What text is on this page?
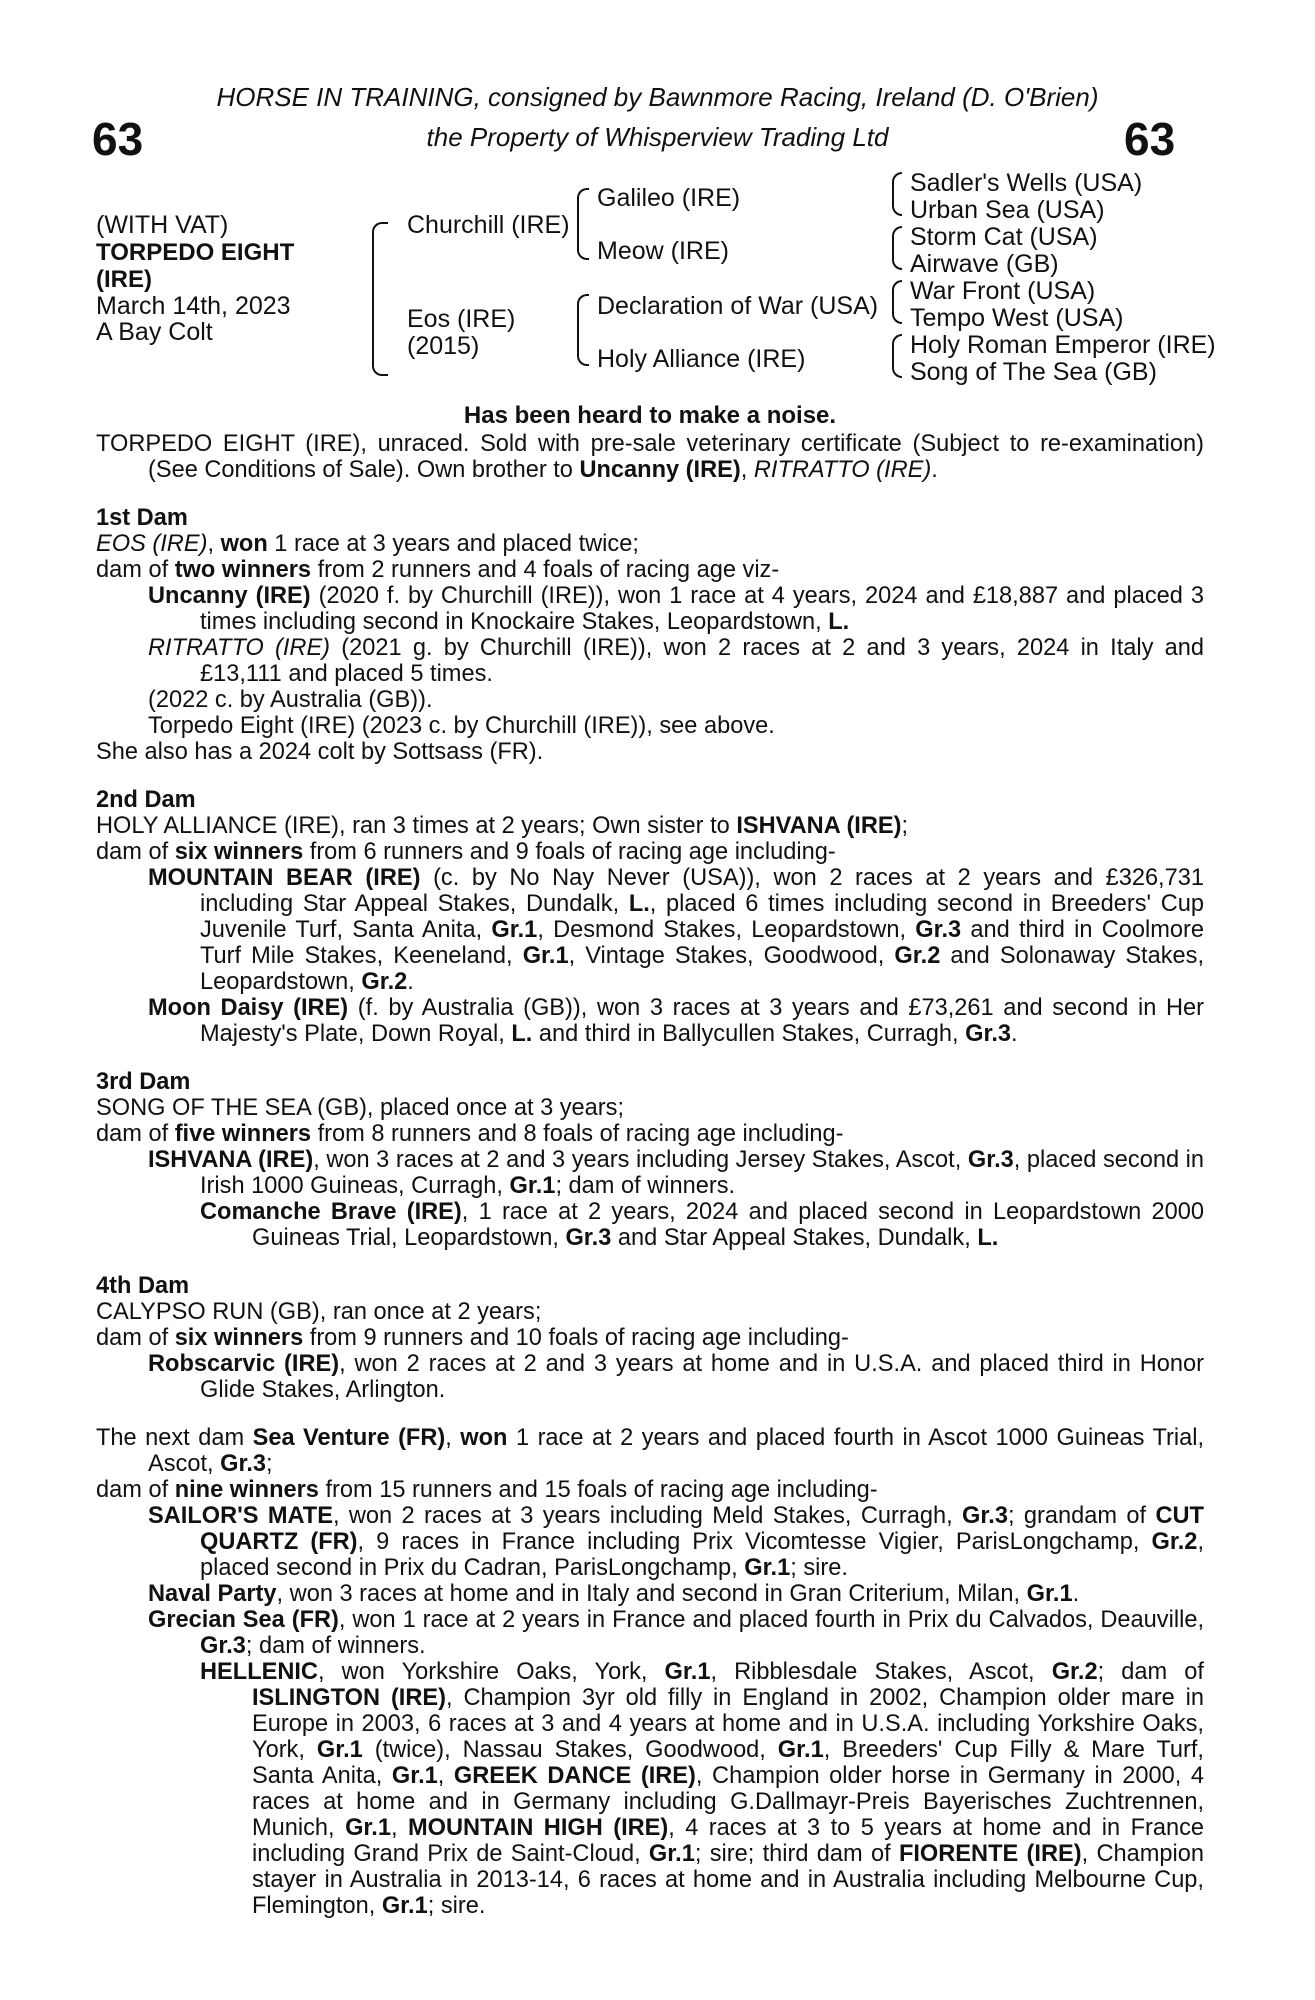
HORSE IN TRAINING, consigned by Bawnmore Racing, Ireland (D. O'Brien)
the Property of Whisperview Trading Ltd
63	63
(WITH VAT)
TORPEDO EIGHT
(IRE)
March 14th, 2023
A Bay Colt
Churchill (IRE)
Eos (IRE)
(2015)
Galileo (IRE)
Meow (IRE)
Declaration of War (USA)
Holy Alliance (IRE)
Sadler's Wells (USA)
Urban Sea (USA)
Storm Cat (USA)
Airwave (GB)
War Front (USA)
Tempo West (USA)
Holy Roman Emperor (IRE)
Song of The Sea (GB)

Has been heard to make a noise.

TORPEDO EIGHT (IRE), unraced. Sold with pre-sale veterinary certificate (Subject to re-examination) (See Conditions of Sale). Own brother to Uncanny (IRE), RITRATTO (IRE).

1st Dam

EOS (IRE), won 1 race at 3 years and placed twice;

dam of two winners from 2 runners and 4 foals of racing age viz-

Uncanny (IRE) (2020 f. by Churchill (IRE)), won 1 race at 4 years, 2024 and £18,887 and placed 3 times including second in Knockaire Stakes, Leopardstown, L.

RITRATTO (IRE) (2021 g. by Churchill (IRE)), won 2 races at 2 and 3 years, 2024 in Italy and £13,111 and placed 5 times.

(2022 c. by Australia (GB)).

Torpedo Eight (IRE) (2023 c. by Churchill (IRE)), see above.

She also has a 2024 colt by Sottsass (FR).

2nd Dam

HOLY ALLIANCE (IRE), ran 3 times at 2 years; Own sister to ISHVANA (IRE);

dam of six winners from 6 runners and 9 foals of racing age including-

MOUNTAIN BEAR (IRE) (c. by No Nay Never (USA)), won 2 races at 2 years and £326,731 including Star Appeal Stakes, Dundalk, L., placed 6 times including second in Breeders' Cup Juvenile Turf, Santa Anita, Gr.1, Desmond Stakes, Leopardstown, Gr.3 and third in Coolmore Turf Mile Stakes, Keeneland, Gr.1, Vintage Stakes, Goodwood, Gr.2 and Solonaway Stakes, Leopardstown, Gr.2.

Moon Daisy (IRE) (f. by Australia (GB)), won 3 races at 3 years and £73,261 and second in Her Majesty's Plate, Down Royal, L. and third in Ballycullen Stakes, Curragh, Gr.3.

3rd Dam

SONG OF THE SEA (GB), placed once at 3 years;

dam of five winners from 8 runners and 8 foals of racing age including-

ISHVANA (IRE), won 3 races at 2 and 3 years including Jersey Stakes, Ascot, Gr.3, placed second in Irish 1000 Guineas, Curragh, Gr.1; dam of winners.

Comanche Brave (IRE), 1 race at 2 years, 2024 and placed second in Leopardstown 2000 Guineas Trial, Leopardstown, Gr.3 and Star Appeal Stakes, Dundalk, L.

4th Dam

CALYPSO RUN (GB), ran once at 2 years;

dam of six winners from 9 runners and 10 foals of racing age including-

Robscarvic (IRE), won 2 races at 2 and 3 years at home and in U.S.A. and placed third in Honor Glide Stakes, Arlington.

The next dam Sea Venture (FR), won 1 race at 2 years and placed fourth in Ascot 1000 Guineas Trial, Ascot, Gr.3;

dam of nine winners from 15 runners and 15 foals of racing age including-

SAILOR'S MATE, won 2 races at 3 years including Meld Stakes, Curragh, Gr.3; grandam of CUT QUARTZ (FR), 9 races in France including Prix Vicomtesse Vigier, ParisLongchamp, Gr.2, placed second in Prix du Cadran, ParisLongchamp, Gr.1; sire.

Naval Party, won 3 races at home and in Italy and second in Gran Criterium, Milan, Gr.1.

Grecian Sea (FR), won 1 race at 2 years in France and placed fourth in Prix du Calvados, Deauville, Gr.3; dam of winners.

HELLENIC, won Yorkshire Oaks, York, Gr.1, Ribblesdale Stakes, Ascot, Gr.2; dam of ISLINGTON (IRE), Champion 3yr old filly in England in 2002, Champion older mare in Europe in 2003, 6 races at 3 and 4 years at home and in U.S.A. including Yorkshire Oaks, York, Gr.1 (twice), Nassau Stakes, Goodwood, Gr.1, Breeders' Cup Filly & Mare Turf, Santa Anita, Gr.1, GREEK DANCE (IRE), Champion older horse in Germany in 2000, 4 races at home and in Germany including G.Dallmayr-Preis Bayerisches Zuchtrennen, Munich, Gr.1, MOUNTAIN HIGH (IRE), 4 races at 3 to 5 years at home and in France including Grand Prix de Saint-Cloud, Gr.1; sire; third dam of FIORENTE (IRE), Champion stayer in Australia in 2013-14, 6 races at home and in Australia including Melbourne Cup, Flemington, Gr.1; sire.
